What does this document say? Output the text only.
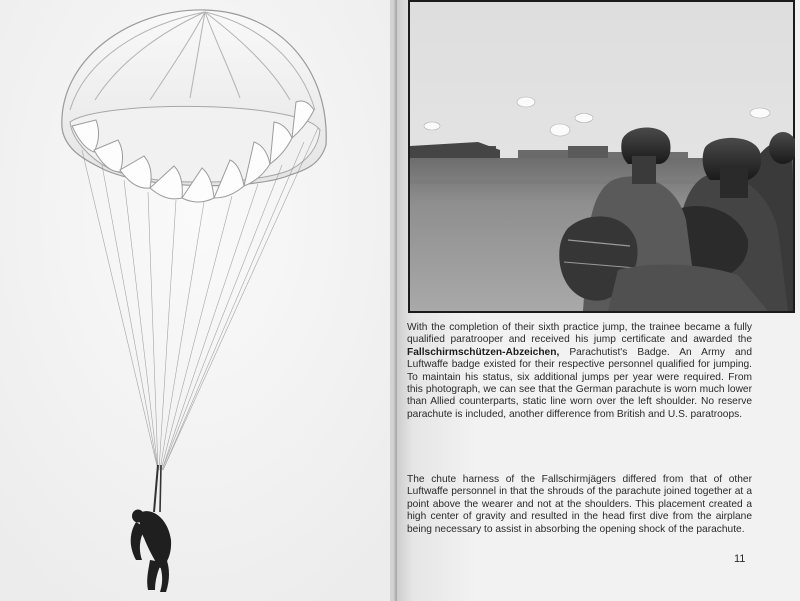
With the completion of their sixth practice jump, the trainee became a fully qualified paratrooper and received his jump certificate and awarded the Fallschirmschützen-Abzeichen, Parachutist's Badge. An Army and Luftwaffe badge existed for their respective personnel qualified for jumping. To maintain his status, six additional jumps per year were required. From this photograph, we can see that the German parachute is worn much lower than Allied counterparts, static line worn over the left shoulder. No reserve parachute is included, another difference from British and U.S. paratroops.

The chute harness of the Fallschirmjägers differed from that of other Luftwaffe personnel in that the shrouds of the parachute joined together at a point above the wearer and not at the shoulders. This placement created a high center of gravity and resulted in the head first dive from the airplane being necessary to assist in absorbing the opening shock of the parachute.

11
